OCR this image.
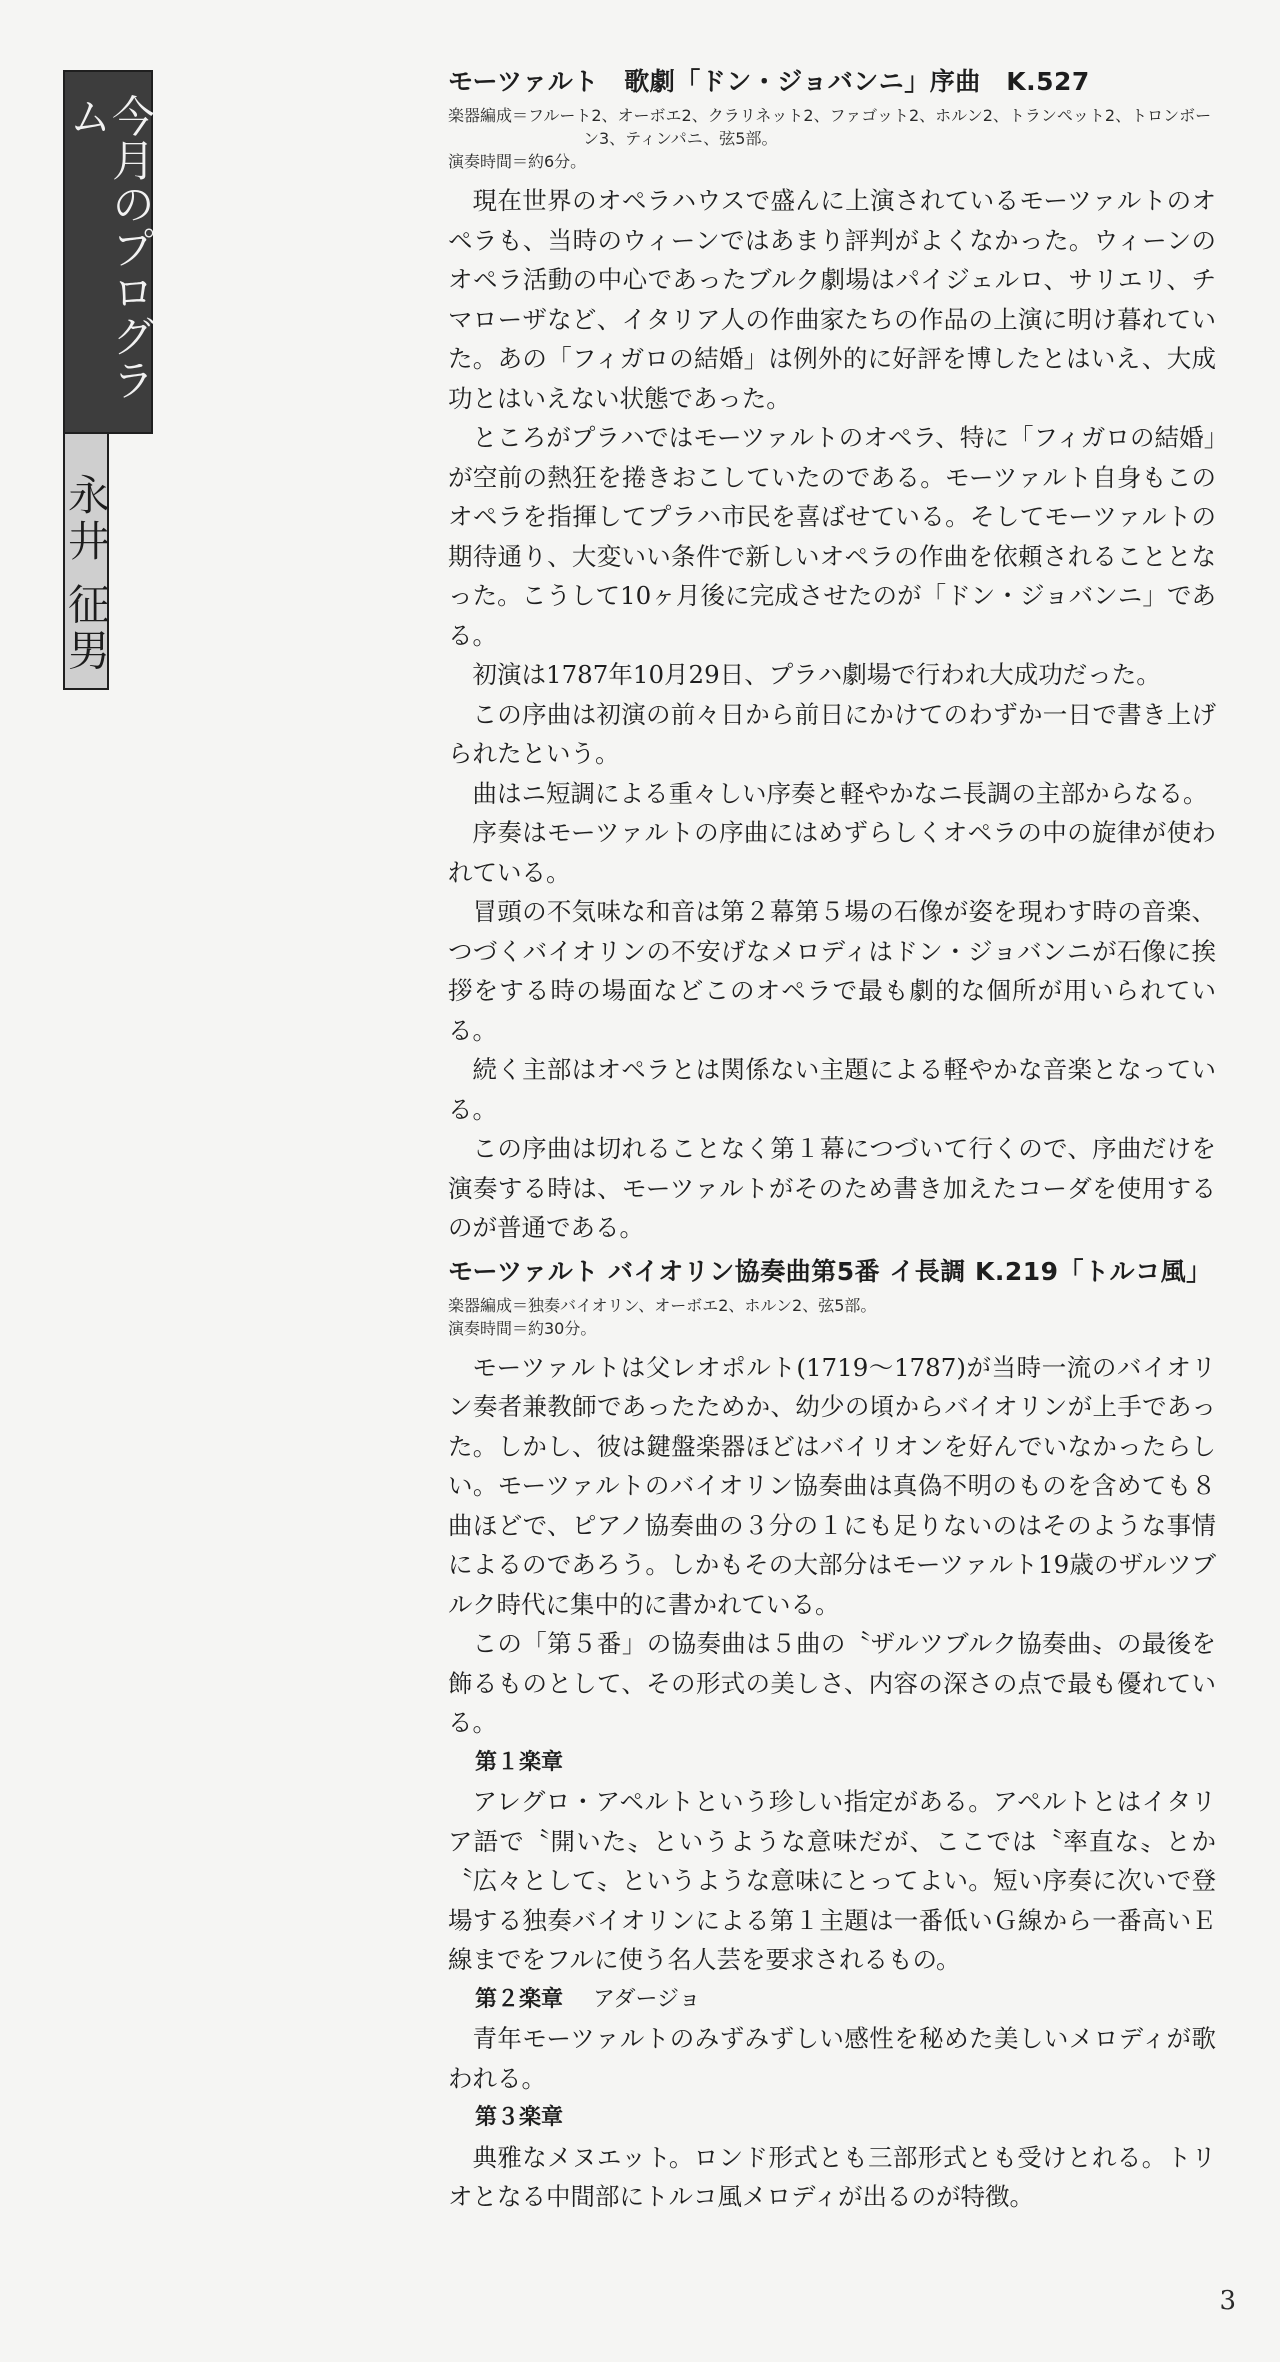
今月のプログラム
永井 征男
モーツァルト　歌劇「ドン・ジョバンニ」序曲　K.527

楽器編成＝フルート2、オーボエ2、クラリネット2、ファゴット2、ホルン2、トランペット2、トロンボーン3、ティンパニ、弦5部。

演奏時間＝約6分。

現在世界のオペラハウスで盛んに上演されているモーツァルトのオペラも、当時のウィーンではあまり評判がよくなかった。ウィーンのオペラ活動の中心であったブルク劇場はパイジェルロ、サリエリ、チマローザなど、イタリア人の作曲家たちの作品の上演に明け暮れていた。あの「フィガロの結婚」は例外的に好評を博したとはいえ、大成功とはいえない状態であった。

ところがプラハではモーツァルトのオペラ、特に「フィガロの結婚」が空前の熱狂を捲きおこしていたのである。モーツァルト自身もこのオペラを指揮してプラハ市民を喜ばせている。そしてモーツァルトの期待通り、大変いい条件で新しいオペラの作曲を依頼されることとなった。こうして10ヶ月後に完成させたのが「ドン・ジョバンニ」である。

初演は1787年10月29日、プラハ劇場で行われ大成功だった。

この序曲は初演の前々日から前日にかけてのわずか一日で書き上げられたという。

曲はニ短調による重々しい序奏と軽やかなニ長調の主部からなる。

序奏はモーツァルトの序曲にはめずらしくオペラの中の旋律が使われている。

冒頭の不気味な和音は第２幕第５場の石像が姿を現わす時の音楽、つづくバイオリンの不安げなメロディはドン・ジョバンニが石像に挨拶をする時の場面などこのオペラで最も劇的な個所が用いられている。

続く主部はオペラとは関係ない主題による軽やかな音楽となっている。

この序曲は切れることなく第１幕につづいて行くので、序曲だけを演奏する時は、モーツァルトがそのため書き加えたコーダを使用するのが普通である。

モーツァルト バイオリン協奏曲第5番 イ長調 K.219「トルコ風」

楽器編成＝独奏バイオリン、オーボエ2、ホルン2、弦5部。

演奏時間＝約30分。

モーツァルトは父レオポルト(1719〜1787)が当時一流のバイオリン奏者兼教師であったためか、幼少の頃からバイオリンが上手であった。しかし、彼は鍵盤楽器ほどはバイリオンを好んでいなかったらしい。モーツァルトのバイオリン協奏曲は真偽不明のものを含めても８曲ほどで、ピアノ協奏曲の３分の１にも足りないのはそのような事情によるのであろう。しかもその大部分はモーツァルト19歳のザルツブルク時代に集中的に書かれている。

この「第５番」の協奏曲は５曲の〝ザルツブルク協奏曲〟の最後を飾るものとして、その形式の美しさ、内容の深さの点で最も優れている。

第１楽章

アレグロ・アペルトという珍しい指定がある。アペルトとはイタリア語で〝開いた〟というような意味だが、ここでは〝率直な〟とか〝広々として〟というような意味にとってよい。短い序奏に次いで登場する独奏バイオリンによる第１主題は一番低いＧ線から一番高いＥ線までをフルに使う名人芸を要求されるもの。

第２楽章 アダージョ

青年モーツァルトのみずみずしい感性を秘めた美しいメロディが歌われる。

第３楽章

典雅なメヌエット。ロンド形式とも三部形式とも受けとれる。トリオとなる中間部にトルコ風メロディが出るのが特徴。

3
